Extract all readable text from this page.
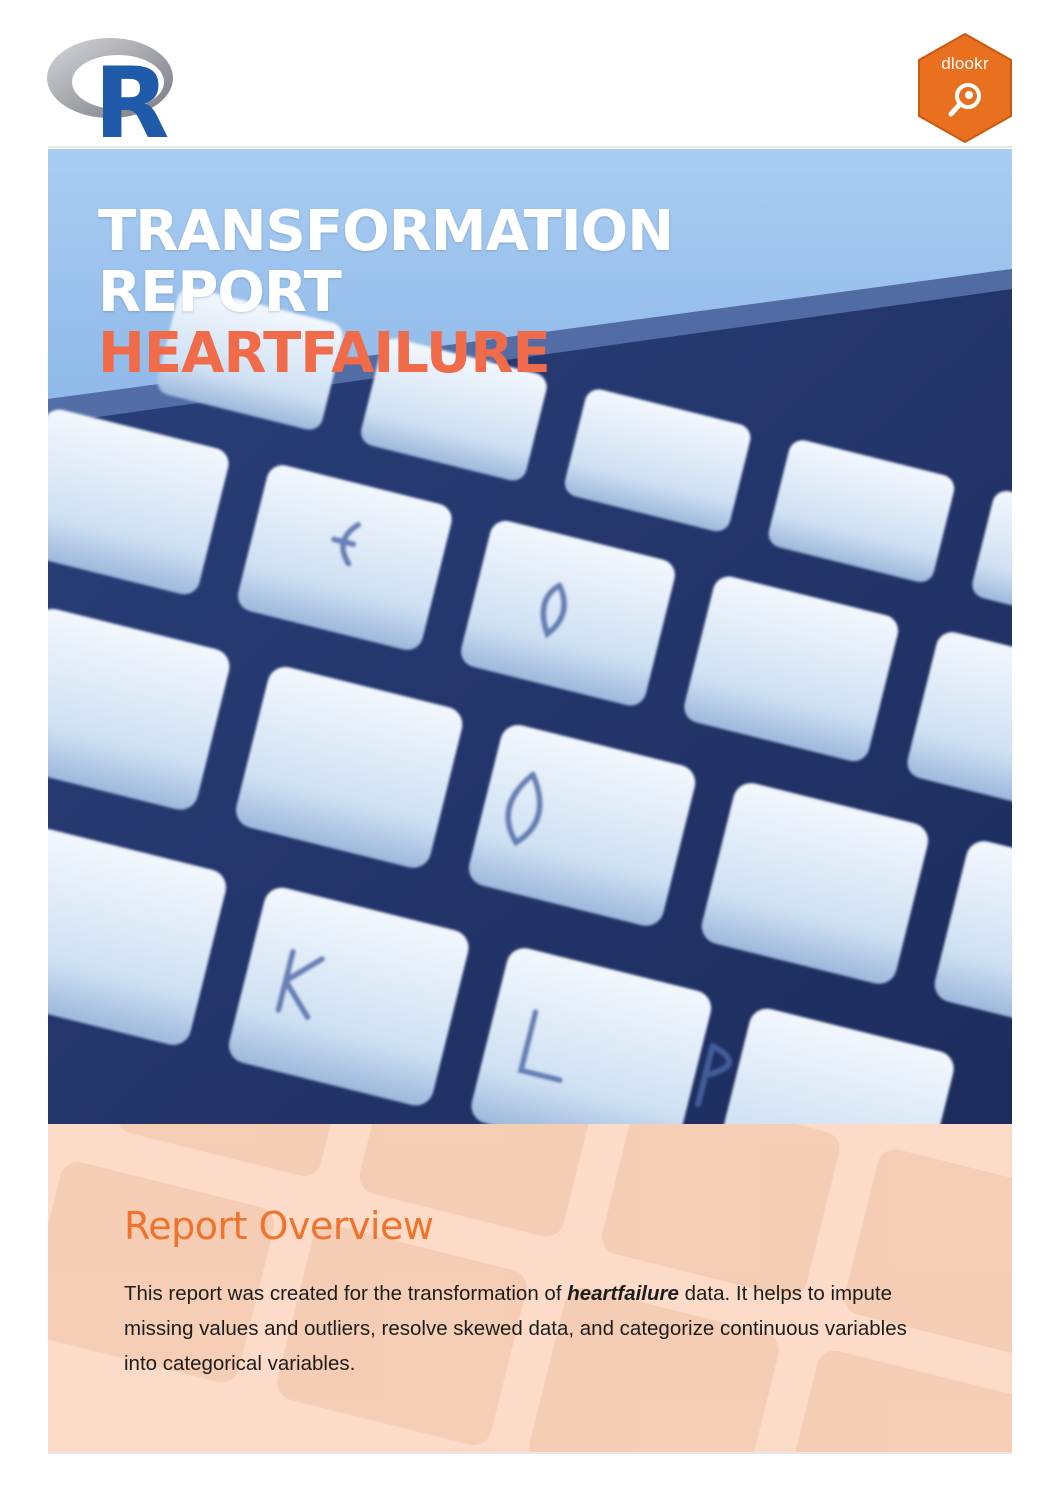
R	dlookr
TRANSFORMATION
REPORT
HEARTFAILURE
Report Overview

This report was created for the transformation of heartfailure data. It helps to impute missing values and outliers, resolve skewed data, and categorize continuous variables into categorical variables.
